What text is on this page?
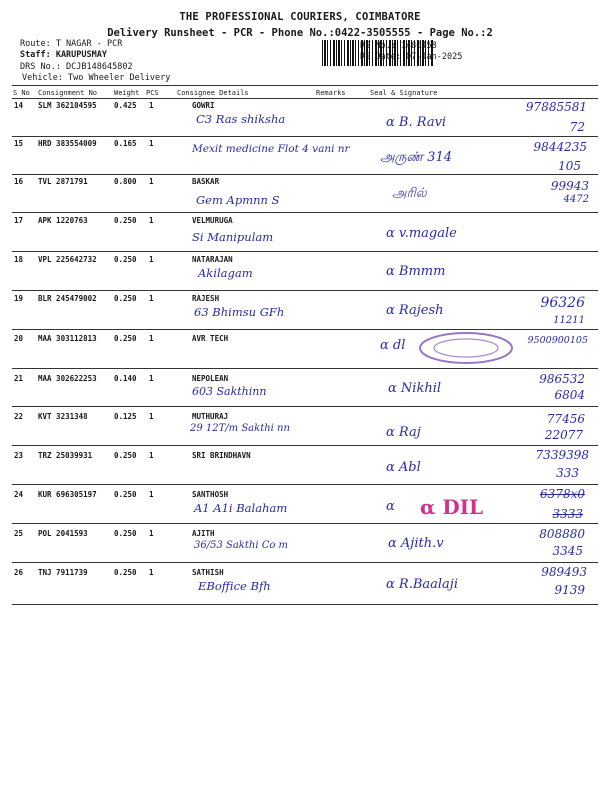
THE PROFESSIONAL COURIERS, COIMBATORE
Delivery Runsheet - PCR - Phone No.:0422-3505555 - Page No.:2
Route: T NAGAR - PCR
Staff: KARUPUSMAY
DRS No.: DCJB148645802
Vehicle: Two Wheeler Delivery
RS No.: 1486458
RS Date: 07-Jan-2025
S No Consignment No Weight PCS	Consignee Details	Remarks	Seal & Signature
14 SLM 362104595 0.425 1	GOWRI
C3 Ras shiksha	α B. Ravi
97885581
72
15 HRD 383554009 0.165 1	Mexit medicine Flot 4 vani nr
அருண் 314
9844235
105
16 TVL 2871791	0.800 1	BASKAR
Gem Apmnn S	அரில்	99943
4472
17 APK 1220763	0.250 1	VELMURUGA
Si Manipulam	α v.magale
18 VPL 225642732 0.250 1	NATARAJAN
Akilagam	α Bmmm
19 BLR 245479002 0.250 1	RAJESH
63 Bhimsu GFh	α Rajesh	96326
11211
20 MAA 303112813 0.250 1	AVR TECH	α dl	9500900105
21 MAA 302622253 0.140 1	NEPOLEAN
603 Sakthinn	α Nikhil
986532
6804
22 KVT 3231348	0.125 1	MUTHURAJ
29 12T/m Sakthi nn	α Raj
77456
22077
23 TRZ 25039931	0.250 1	SRI BRINDHAVN
α Abl
7339398
333
24 KUR 696305197 0.250 1	SANTHOSH
A1 A1i Balaham	α α DIL
6378x0
3333
25 POL 2041593	0.250 1	AJITH
36/53 Sakthi Co m	α Ajith.v
808880
3345
26 TNJ 7911739	0.250 1	SATHISH
EBoffice Bfh	α R.Baalaji
989493
9139
